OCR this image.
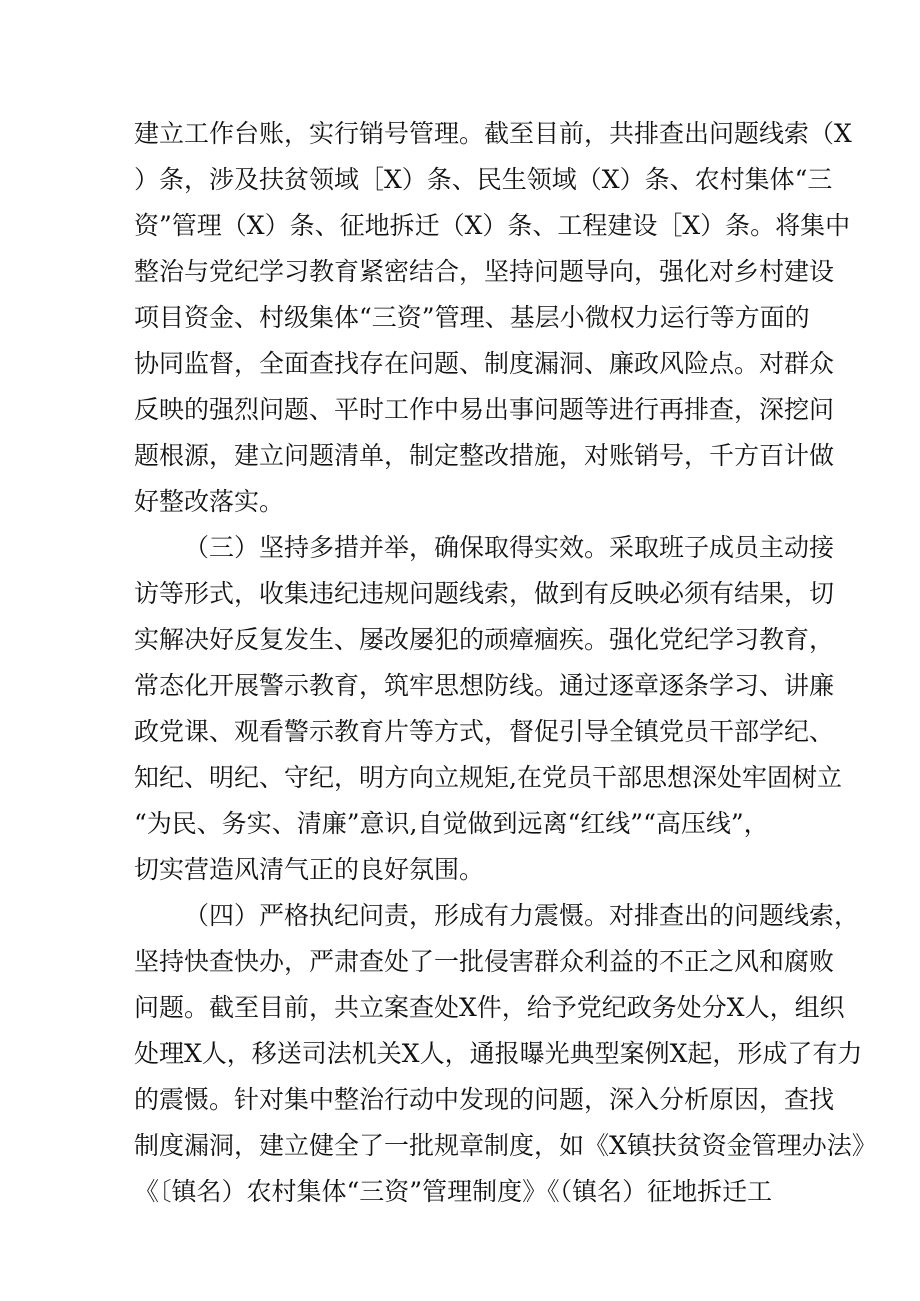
建立工作台账，实行销号管理。截至目前，共排查出问题线索（X
）条，涉及扶贫领域［X）条、民生领域（X）条、农村集体“三
资”管理（X）条、征地拆迁（X）条、工程建设［X）条。将集中
整治与党纪学习教育紧密结合，坚持问题导向，强化对乡村建设
项目资金、村级集体“三资”管理、基层小微权力运行等方面的
协同监督，全面查找存在问题、制度漏洞、廉政风险点。对群众
反映的强烈问题、平时工作中易出事问题等进行再排查，深挖问
题根源，建立问题清单，制定整改措施，对账销号，千方百计做
好整改落实。
（三）坚持多措并举，确保取得实效。采取班子成员主动接
访等形式，收集违纪违规问题线索，做到有反映必须有结果，切
实解决好反复发生、屡改屡犯的顽瘴痼疾。强化党纪学习教育，
常态化开展警示教育，筑牢思想防线。通过逐章逐条学习、讲廉
政党课、观看警示教育片等方式，督促引导全镇党员干部学纪、
知纪、明纪、守纪，明方向立规矩,在党员干部思想深处牢固树立
“为民、务实、清廉”意识,自觉做到远离“红线”“高压线”，
切实营造风清气正的良好氛围。
（四）严格执纪问责，形成有力震慑。对排查出的问题线索，
坚持快查快办，严肃查处了一批侵害群众利益的不正之风和腐败
问题。截至目前，共立案查处X件，给予党纪政务处分X人，组织
处理X人，移送司法机关X人，通报曝光典型案例X起，形成了有力
的震慑。针对集中整治行动中发现的问题，深入分析原因，查找
制度漏洞，建立健全了一批规章制度，如《X镇扶贫资金管理办法》
《〔镇名）农村集体“三资”管理制度》《（镇名）征地拆迁工
